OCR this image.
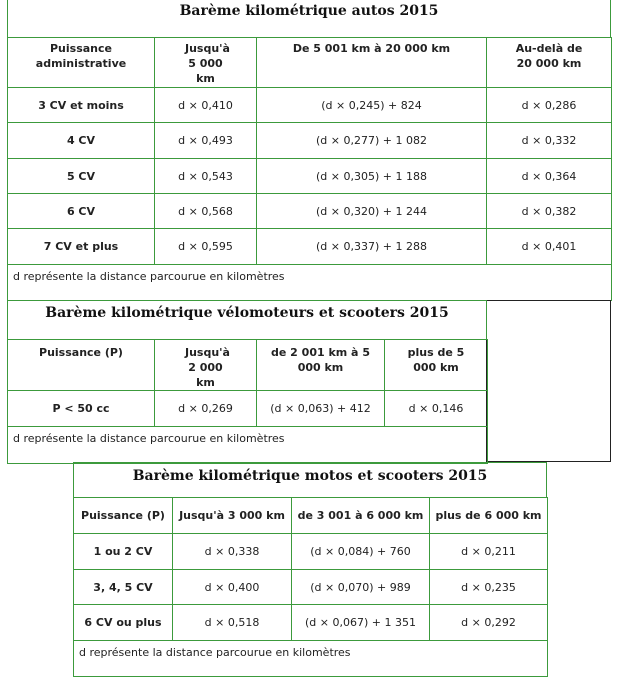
Barème kilométrique autos 2015
Puissance administrative	Jusqu'à 5 000 km	De 5 001 km à 20 000 km	Au-delà de 20 000 km
3 CV et moins	d × 0,410	(d × 0,245) + 824	d × 0,286
4 CV	d × 0,493	(d × 0,277) + 1 082	d × 0,332
5 CV	d × 0,543	(d × 0,305) + 1 188	d × 0,364
6 CV	d × 0,568	(d × 0,320) + 1 244	d × 0,382
7 CV et plus	d × 0,595	(d × 0,337) + 1 288	d × 0,401
d représente la distance parcourue en kilomètres			
Barème kilométrique vélomoteurs et scooters 2015
Puissance (P)	Jusqu'à 2 000 km	de 2 001 km à 5 000 km	plus de 5 000 km
P < 50 cc	d × 0,269	(d × 0,063) + 412	d × 0,146
d représente la distance parcourue en kilomètres			
Barème kilométrique motos et scooters 2015
Puissance (P)	Jusqu'à 3 000 km	de 3 001 à 6 000 km	plus de 6 000 km
1 ou 2 CV	d × 0,338	(d × 0,084) + 760	d × 0,211
3, 4, 5 CV	d × 0,400	(d × 0,070) + 989	d × 0,235
6 CV ou plus	d × 0,518	(d × 0,067) + 1 351	d × 0,292
d représente la distance parcourue en kilomètres			
